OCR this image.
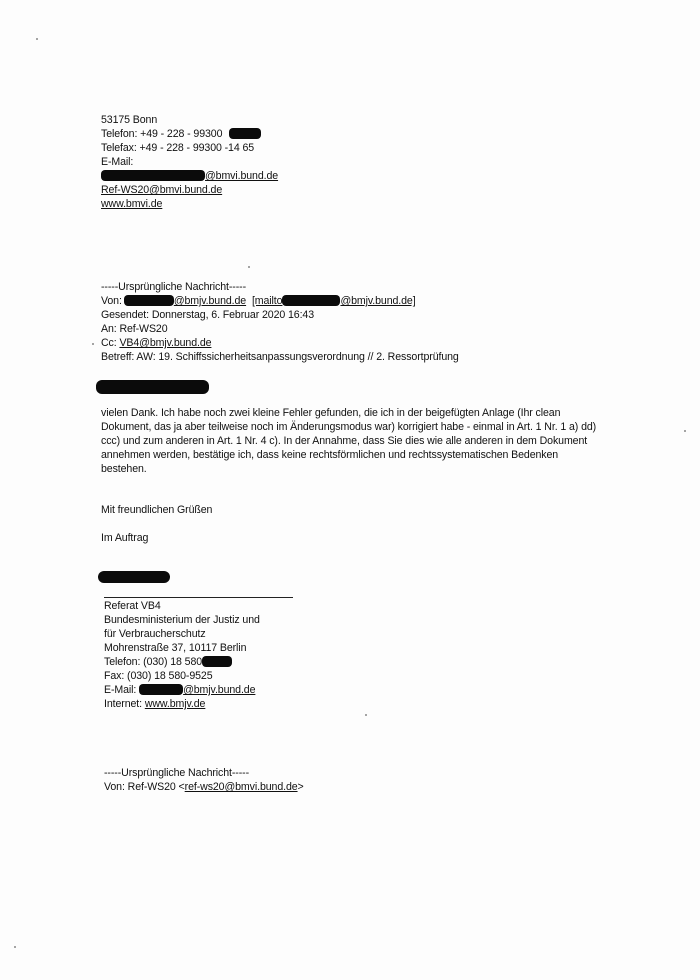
53175 Bonn
Telefon: +49 - 228 - 99300
Telefax: +49 - 228 - 99300 -14 65
E-Mail:
@bmvi.bund.de
Ref-WS20@bmvi.bund.de
www.bmvi.de
-----Ursprüngliche Nachricht-----
Von:	@bmjv.bund.de [mailto	@bmjv.bund.de]
Gesendet: Donnerstag, 6. Februar 2020 16:43
An: Ref-WS20
Cc: VB4@bmjv.bund.de
Betreff: AW: 19. Schiffssicherheitsanpassungsverordnung // 2. Ressortprüfung
vielen Dank. Ich habe noch zwei kleine Fehler gefunden, die ich in der beigefügten Anlage (Ihr clean Dokument, das ja aber teilweise noch im Änderungsmodus war) korrigiert habe - einmal in Art. 1 Nr. 1 a) dd) ccc) und zum anderen in Art. 1 Nr. 4 c). In der Annahme, dass Sie dies wie alle anderen in dem Dokument annehmen werden, bestätige ich, dass keine rechtsförmlichen und rechtssystematischen Bedenken bestehen.
Mit freundlichen Grüßen
Im Auftrag
Referat VB4
Bundesministerium der Justiz und
für Verbraucherschutz
Mohrenstraße 37, 10117 Berlin
Telefon: (030) 18 580
Fax: (030) 18 580-9525
E-Mail:	@bmjv.bund.de
Internet: www.bmjv.de
-----Ursprüngliche Nachricht-----
Von: Ref-WS20 <ref-ws20@bmvi.bund.de>
